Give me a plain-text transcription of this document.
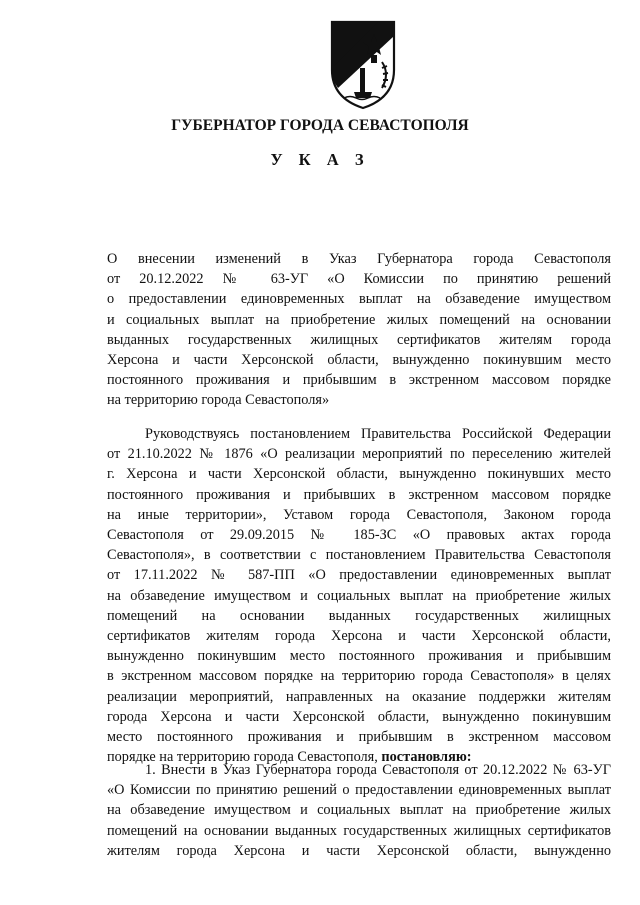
ГУБЕРНАТОР ГОРОДА СЕВАСТОПОЛЯ
У К А З
О внесении изменений в Указ Губернатора города Севастополя
от 20.12.2022 № 63-УГ «О Комиссии по принятию решений
о предоставлении единовременных выплат на обзаведение имуществом
и социальных выплат на приобретение жилых помещений на основании
выданных государственных жилищных сертификатов жителям города
Херсона и части Херсонской области, вынужденно покинувшим место
постоянного проживания и прибывшим в экстренном массовом порядке
на территорию города Севастополя»
Руководствуясь постановлением Правительства Российской Федерации
от 21.10.2022 № 1876 «О реализации мероприятий по переселению жителей
г. Херсона и части Херсонской области, вынужденно покинувших место
постоянного проживания и прибывших в экстренном массовом порядке
на иные территории», Уставом города Севастополя, Законом города
Севастополя от 29.09.2015 № 185-ЗС «О правовых актах города
Севастополя», в соответствии с постановлением Правительства Севастополя
от 17.11.2022 № 587-ПП «О предоставлении единовременных выплат
на обзаведение имуществом и социальных выплат на приобретение жилых
помещений на основании выданных государственных жилищных
сертификатов жителям города Херсона и части Херсонской области,
вынужденно покинувшим место постоянного проживания и прибывшим
в экстренном массовом порядке на территорию города Севастополя» в целях
реализации мероприятий, направленных на оказание поддержки жителям
города Херсона и части Херсонской области, вынужденно покинувшим
место постоянного проживания и прибывшим в экстренном массовом
порядке на территорию города Севастополя, постановляю:
1. Внести в Указ Губернатора города Севастополя от 20.12.2022 № 63-УГ
«О Комиссии по принятию решений о предоставлении единовременных выплат
на обзаведение имуществом и социальных выплат на приобретение жилых
помещений на основании выданных государственных жилищных сертификатов
жителям города Херсона и части Херсонской области, вынужденно
